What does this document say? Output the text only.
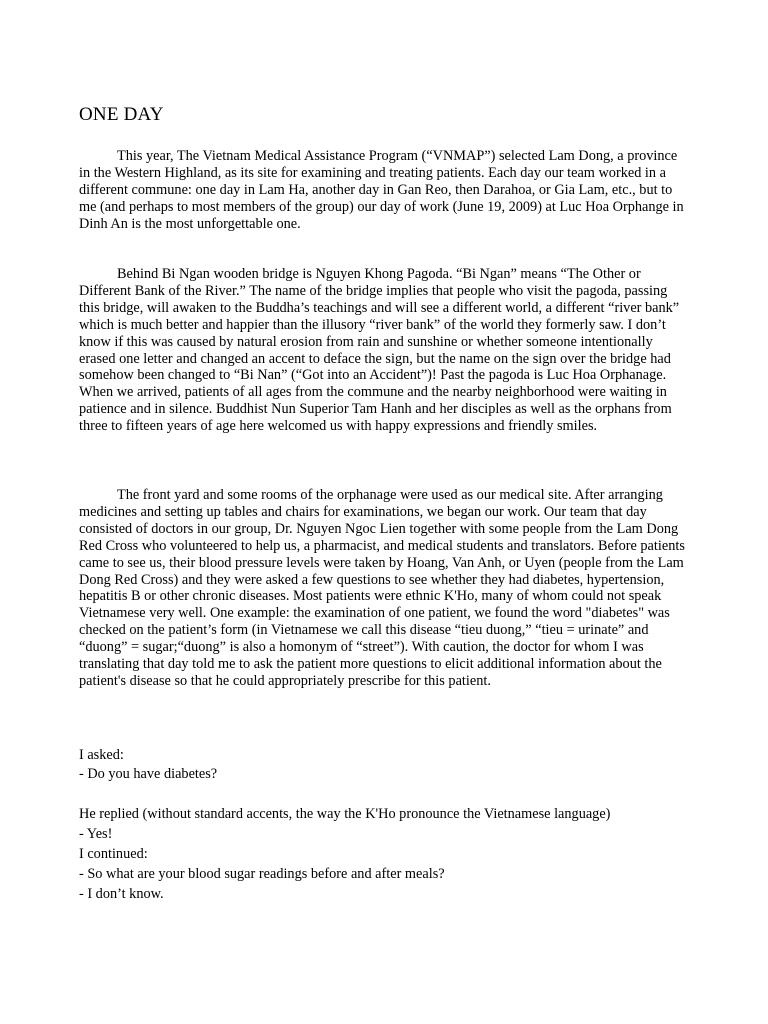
ONE DAY

This year, The Vietnam Medical Assistance Program (“VNMAP”) selected Lam Dong, a province in the Western Highland, as its site for examining and treating patients. Each day our team worked in a different commune: one day in Lam Ha, another day in Gan Reo, then Darahoa, or Gia Lam, etc., but to me (and perhaps to most members of the group) our day of work (June 19, 2009) at Luc Hoa Orphange in Dinh An is the most unforgettable one.

Behind Bi Ngan wooden bridge is Nguyen Khong Pagoda. “Bi Ngan” means “The Other or Different Bank of the River.” The name of the bridge implies that people who visit the pagoda, passing this bridge, will awaken to the Buddha’s teachings and will see a different world, a different “river bank” which is much better and happier than the illusory “river bank” of the world they formerly saw. I don’t know if this was caused by natural erosion from rain and sunshine or whether someone intentionally erased one letter and changed an accent to deface the sign, but the name on the sign over the bridge had somehow been changed to “Bi Nan” (“Got into an Accident”)! Past the pagoda is Luc Hoa Orphanage. When we arrived, patients of all ages from the commune and the nearby neighborhood were waiting in patience and in silence. Buddhist Nun Superior Tam Hanh and her disciples as well as the orphans from three to fifteen years of age here welcomed us with happy expressions and friendly smiles.

The front yard and some rooms of the orphanage were used as our medical site. After arranging medicines and setting up tables and chairs for examinations, we began our work. Our team that day consisted of doctors in our group, Dr. Nguyen Ngoc Lien together with some people from the Lam Dong Red Cross who volunteered to help us, a pharmacist, and medical students and translators. Before patients came to see us, their blood pressure levels were taken by Hoang, Van Anh, or Uyen (people from the Lam Dong Red Cross) and they were asked a few questions to see whether they had diabetes, hypertension, hepatitis B or other chronic diseases. Most patients were ethnic K'Ho, many of whom could not speak Vietnamese very well. One example: the examination of one patient, we found the word "diabetes" was checked on the patient’s form (in Vietnamese we call this disease “tieu duong,” “tieu = urinate” and “duong” = sugar;“duong” is also a homonym of “street”). With caution, the doctor for whom I was translating that day told me to ask the patient more questions to elicit additional information about the patient's disease so that he could appropriately prescribe for this patient.

I asked:

- Do you have diabetes?

He replied (without standard accents, the way the K'Ho pronounce the Vietnamese language)

- Yes!

I continued:

- So what are your blood sugar readings before and after meals?

- I don’t know.
